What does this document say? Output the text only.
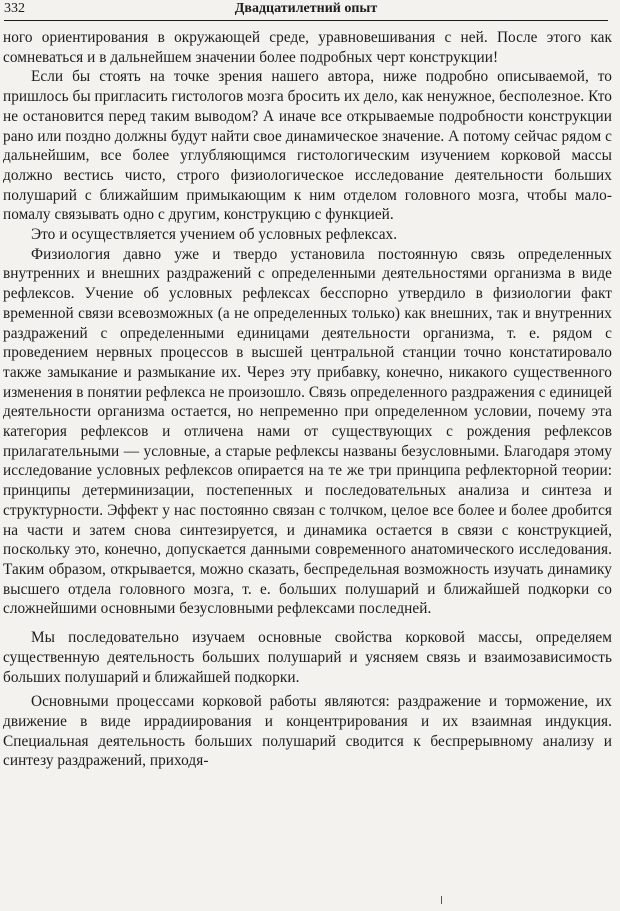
332	Двадцатилетний опыт

ного ориентирования в окружающей среде, уравновешивания с ней. После этого как сомневаться и в дальнейшем значении более подробных черт конструкции!

Если бы стоять на точке зрения нашего автора, ниже подробно описываемой, то пришлось бы пригласить гистологов мозга бросить их дело, как ненужное, бесполезное. Кто не остановится перед таким выводом? А иначе все открываемые подробности конструкции рано или поздно должны будут найти свое динамическое значение. А потому сейчас рядом с дальнейшим, все более углубляющимся гистологическим изучением корковой массы должно вестись чисто, строго физиологическое исследование деятельности больших полушарий с ближайшим примыкающим к ним отделом головного мозга, чтобы мало-помалу связывать одно с другим, конструкцию с функцией.

Это и осуществляется учением об условных рефлексах.

Физиология давно уже и твердо установила постоянную связь определенных внутренних и внешних раздражений с определенными деятельностями организма в виде рефлексов. Учение об условных рефлексах бесспорно утвердило в физиологии факт временной связи всевозможных (а не определенных только) как внешних, так и внутренних раздражений с определенными единицами деятельности организма, т. е. рядом с проведением нервных процессов в высшей центральной станции точно констатировало также замыкание и размыкание их. Через эту прибавку, конечно, никакого существенного изменения в понятии рефлекса не произошло. Связь определенного раздражения с единицей деятельности организма остается, но непременно при определенном условии, почему эта категория рефлексов и отличена нами от существующих с рождения рефлексов прилагательными — условные, а старые рефлексы названы безусловными. Благодаря этому исследование условных рефлексов опирается на те же три принципа рефлекторной теории: принципы детерминизации, постепенных и последовательных анализа и синтеза и структурности. Эффект у нас постоянно связан с толчком, целое все более и более дробится на части и затем снова синтезируется, и динамика остается в связи с конструкцией, поскольку это, конечно, допускается данными современного анатомического исследования. Таким образом, открывается, можно сказать, беспредельная возможность изучать динамику высшего отдела головного мозга, т. е. больших полушарий и ближайшей подкорки со сложнейшими основными безусловными рефлексами последней.

Мы последовательно изучаем основные свойства корковой массы, определяем существенную деятельность больших полушарий и уясняем связь и взаимозависимость больших полушарий и ближайшей подкорки.

Основными процессами корковой работы являются: раздражение и торможение, их движение в виде иррадиирования и концентрирования и их взаимная индукция. Специальная деятельность больших полушарий сводится к беспрерывному анализу и синтезу раздражений, приходя-
